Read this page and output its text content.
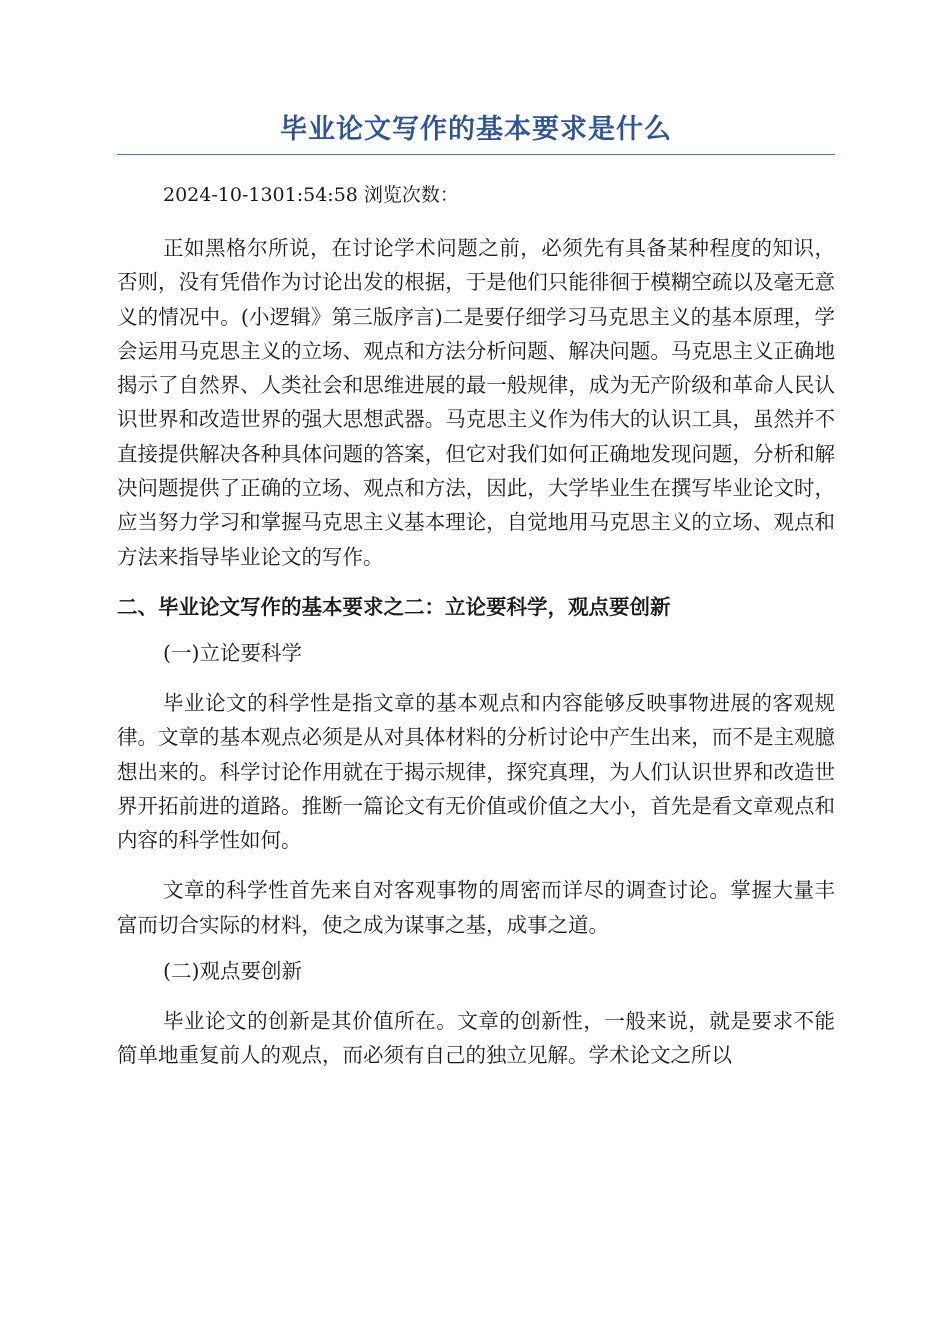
毕业论文写作的基本要求是什么

2024-10-1301:54:58 浏览次数：

正如黑格尔所说，在讨论学术问题之前，必须先有具备某种程度的知识，否则，没有凭借作为讨论出发的根据，于是他们只能徘徊于模糊空疏以及毫无意义的情况中。(小逻辑》第三版序言)二是要仔细学习马克思主义的基本原理，学会运用马克思主义的立场、观点和方法分析问题、解决问题。马克思主义正确地揭示了自然界、人类社会和思维进展的最一般规律，成为无产阶级和革命人民认识世界和改造世界的强大思想武器。马克思主义作为伟大的认识工具，虽然并不直接提供解决各种具体问题的答案，但它对我们如何正确地发现问题，分析和解决问题提供了正确的立场、观点和方法，因此，大学毕业生在撰写毕业论文时，应当努力学习和掌握马克思主义基本理论，自觉地用马克思主义的立场、观点和方法来指导毕业论文的写作。

二、毕业论文写作的基本要求之二：立论要科学，观点要创新

(一)立论要科学

毕业论文的科学性是指文章的基本观点和内容能够反映事物进展的客观规律。文章的基本观点必须是从对具体材料的分析讨论中产生出来，而不是主观臆想出来的。科学讨论作用就在于揭示规律，探究真理，为人们认识世界和改造世界开拓前进的道路。推断一篇论文有无价值或价值之大小，首先是看文章观点和内容的科学性如何。

文章的科学性首先来自对客观事物的周密而详尽的调查讨论。掌握大量丰富而切合实际的材料，使之成为谋事之基，成事之道。

(二)观点要创新

毕业论文的创新是其价值所在。文章的创新性，一般来说，就是要求不能简单地重复前人的观点，而必须有自己的独立见解。学术论文之所以
